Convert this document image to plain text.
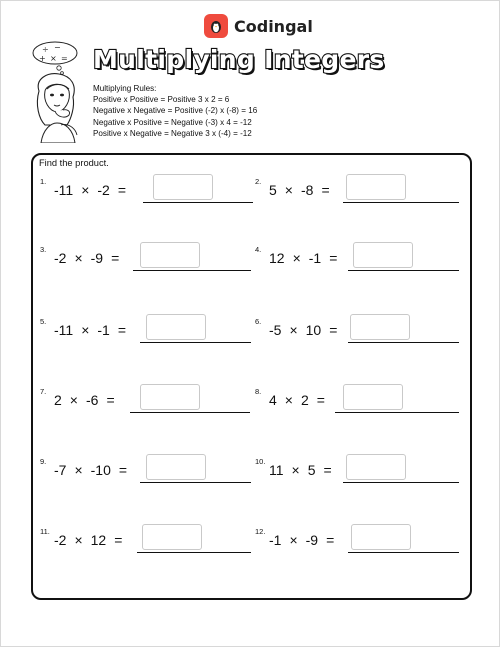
Codingal
÷ −
+ × = Multiplying Integers
Multiplying Rules:
Positive x Positive = Positive 3 x 2 = 6
Negative x Negative = Positive (-2) x (-8) = 16
Negative x Positive = Negative (-3) x 4 = -12
Positive x Negative = Negative 3 x (-4) = -12
Find the product.
1.
-11 × -2 =
2.
5 × -8 =
3.
-2 × -9 =
4.
12 × -1 =
5.
-11 × -1 =
6.
-5 × 10 =
7.
2 × -6 =
8.
4 × 2 =
9.
-7 × -10 =
10.
11 × 5 =
11.
-2 × 12 =
12.
-1 × -9 =
